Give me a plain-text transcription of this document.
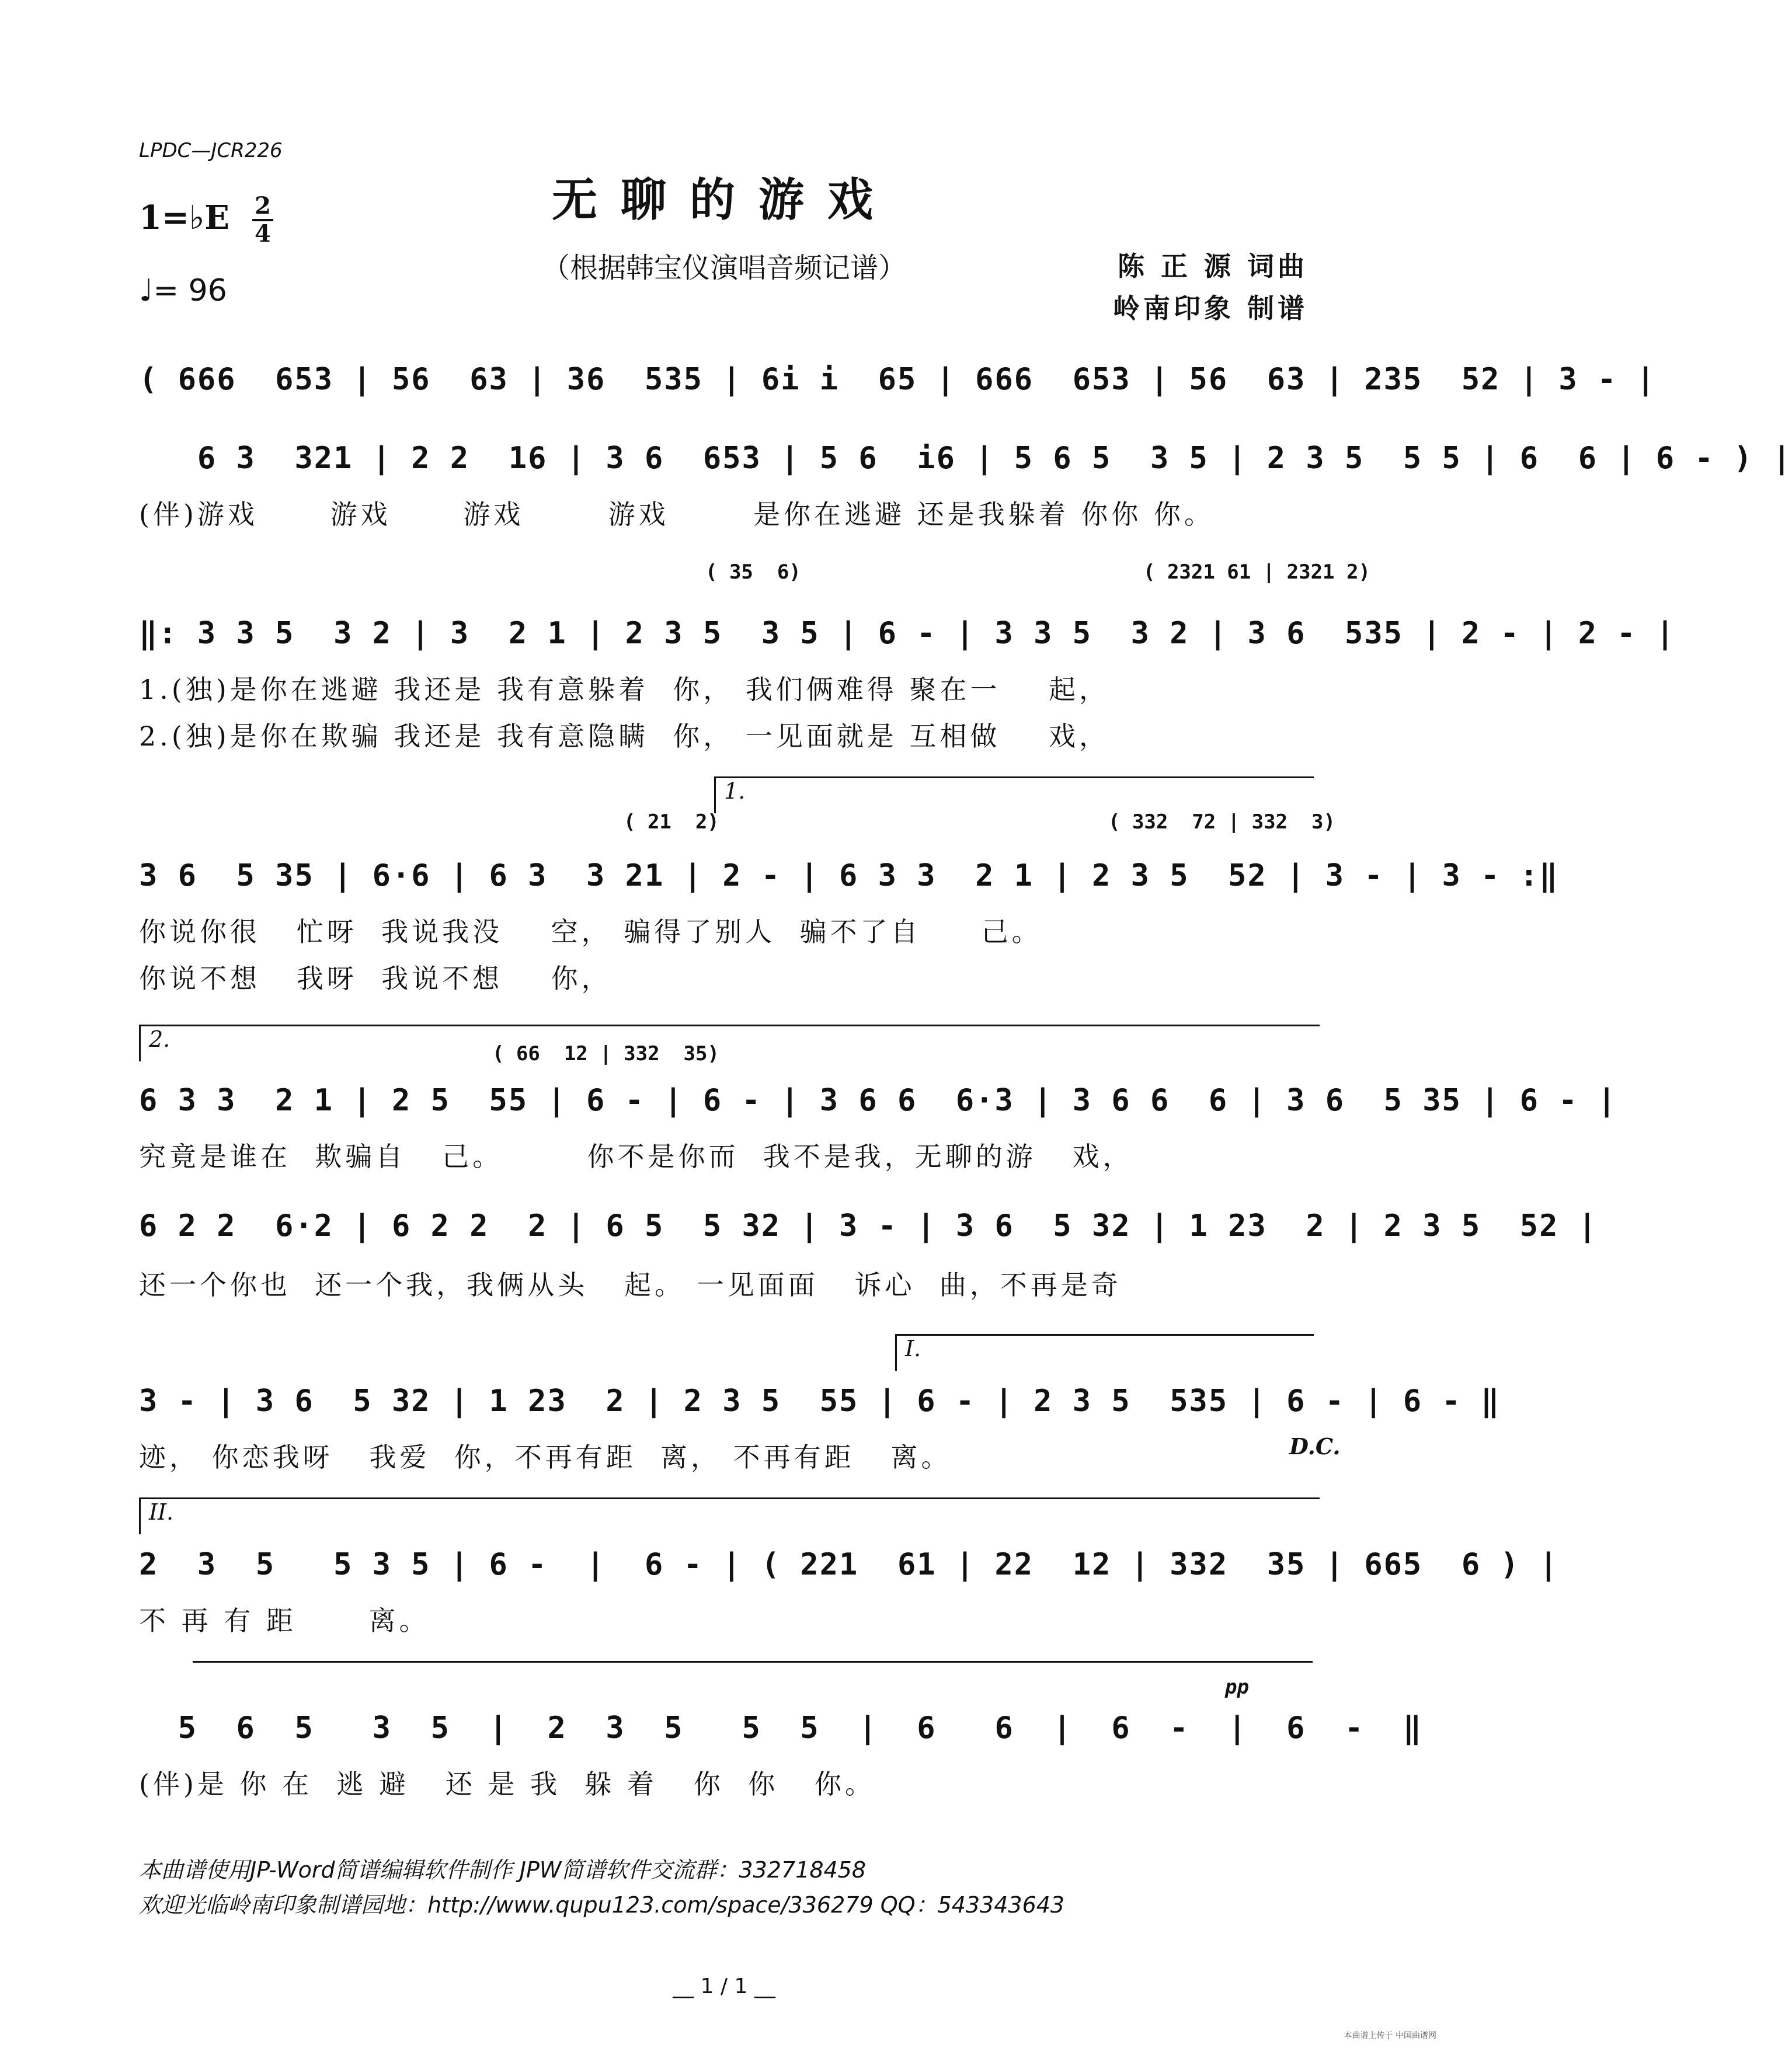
LPDC—JCR226
无聊的游戏
1=♭E 2
4
♩= 96
（根据韩宝仪演唱音频记谱）	陈 正 源 词曲
岭南印象 制谱
( 666  653 | 56  63 | 36  535 | 6i i  65 | 666  653 | 56  63 | 235  52 | 3 - |
6 3  321 | 2 2  16 | 3 6  653 | 5 6  i6 | 5 6 5  3 5 | 2 3 5  5 5 | 6  6 | 6 - ) |
(伴)游戏      游戏      游戏       游戏       是你在逃避 还是我躲着 你你 你。
( 35  6)	( 2321 61 | 2321 2)
‖: 3 3 5  3 2 | 3  2 1 | 2 3 5  3 5 | 6 - | 3 3 5  3 2 | 3 6  535 | 2 - | 2 - |
1.(独)是你在逃避 我还是 我有意躲着  你， 我们俩难得 聚在一    起，
2.(独)是你在欺骗 我还是 我有意隐瞒  你， 一见面就是 互相做    戏，
1.
( 21  2)	( 332  72 | 332  3)
3 6  5 35 | 6·6 | 6 3  3 21 | 2 - | 6 3 3  2 1 | 2 3 5  52 | 3 - | 3 - :‖
你说你很   忙呀  我说我没    空， 骗得了别人  骗不了自     己。
你说不想   我呀  我说不想    你，
2.
( 66  12 | 332  35)
6 3 3  2 1 | 2 5  55 | 6 - | 6 - | 3 6 6  6·3 | 3 6 6  6 | 3 6  5 35 | 6 - |
究竟是谁在  欺骗自   己。       你不是你而  我不是我，无聊的游   戏，
6 2 2  6·2 | 6 2 2  2 | 6 5  5 32 | 3 - | 3 6  5 32 | 1 23  2 | 2 3 5  52 |
还一个你也  还一个我，我俩从头   起。 一见面面   诉心  曲，不再是奇
I.
3 - | 3 6  5 32 | 1 23  2 | 2 3 5  55 | 6 - | 2 3 5  535 | 6 - | 6 - ‖
迹， 你恋我呀   我爱  你，不再有距  离， 不再有距   离。	D.C.
II.
2  3  5   5 3 5 | 6 -  |  6 - | ( 221  61 | 22  12 | 332  35 | 665  6 ) |
不 再 有 距      离。
pp
5  6  5   3  5  |  2  3  5   5  5  |  6   6  |  6  -  |  6  -  ‖
(伴)是 你 在  逃 避   还 是 我  躲 着   你  你   你。
本曲谱使用JP-Word简谱编辑软件制作 JPW简谱软件交流群：332718458
欢迎光临岭南印象制谱园地：http://www.qupu123.com/space/336279 QQ：543343643
__ 1 / 1 __
本曲谱上传于 中国曲谱网
